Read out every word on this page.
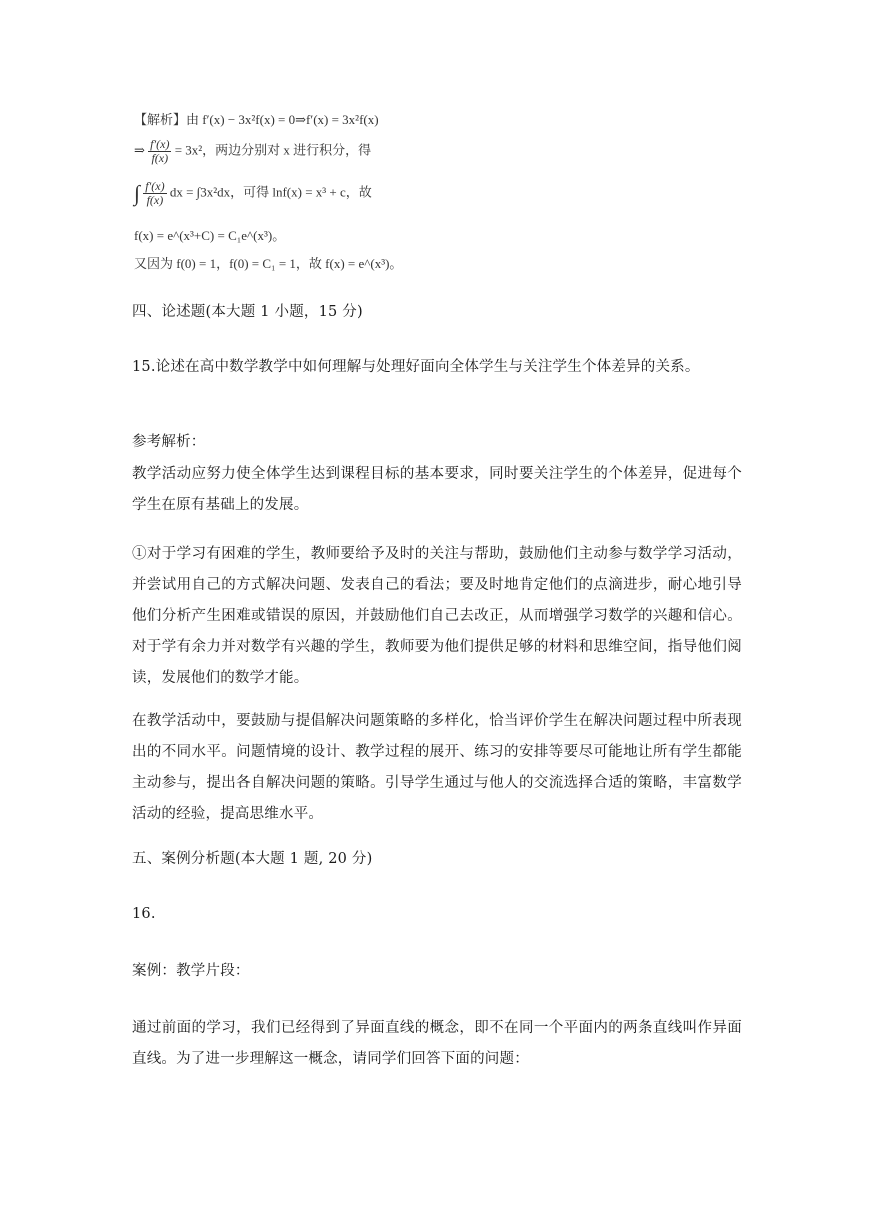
【解析】由 f′(x) − 3x²f(x) = 0⇒f′(x) = 3x²f(x)
⇒ $\frac{f'(x)}{f(x)} = 3x^2$，两边分别对 x 进行积分，得
∫ $\frac{f'(x)}{f(x)}$ dx = ∫3x²dx，可得 lnf(x) = x³ + c，故
f(x) = e^(x³+C) = C₁e^(x³)。
又因为 f(0) = 1，f(0) = C₁ = 1，故 f(x) = e^(x³)。
四、论述题(本大题 1 小题，15 分)
15.论述在高中数学教学中如何理解与处理好面向全体学生与关注学生个体差异的关系。
参考解析：
教学活动应努力使全体学生达到课程目标的基本要求，同时要关注学生的个体差异，促进每个学生在原有基础上的发展。
①对于学习有困难的学生，教师要给予及时的关注与帮助，鼓励他们主动参与数学学习活动，并尝试用自己的方式解决问题、发表自己的看法；要及时地肯定他们的点滴进步，耐心地引导他们分析产生困难或错误的原因，并鼓励他们自己去改正，从而增强学习数学的兴趣和信心。对于学有余力并对数学有兴趣的学生，教师要为他们提供足够的材料和思维空间，指导他们阅读，发展他们的数学才能。
在教学活动中，要鼓励与提倡解决问题策略的多样化，恰当评价学生在解决问题过程中所表现出的不同水平。问题情境的设计、教学过程的展开、练习的安排等要尽可能地让所有学生都能主动参与，提出各自解决问题的策略。引导学生通过与他人的交流选择合适的策略，丰富数学活动的经验，提高思维水平。
五、案例分析题(本大题 1 题, 20 分)
16.
案例：教学片段：
通过前面的学习，我们已经得到了异面直线的概念，即不在同一个平面内的两条直线叫作异面直线。为了进一步理解这一概念，请同学们回答下面的问题：
